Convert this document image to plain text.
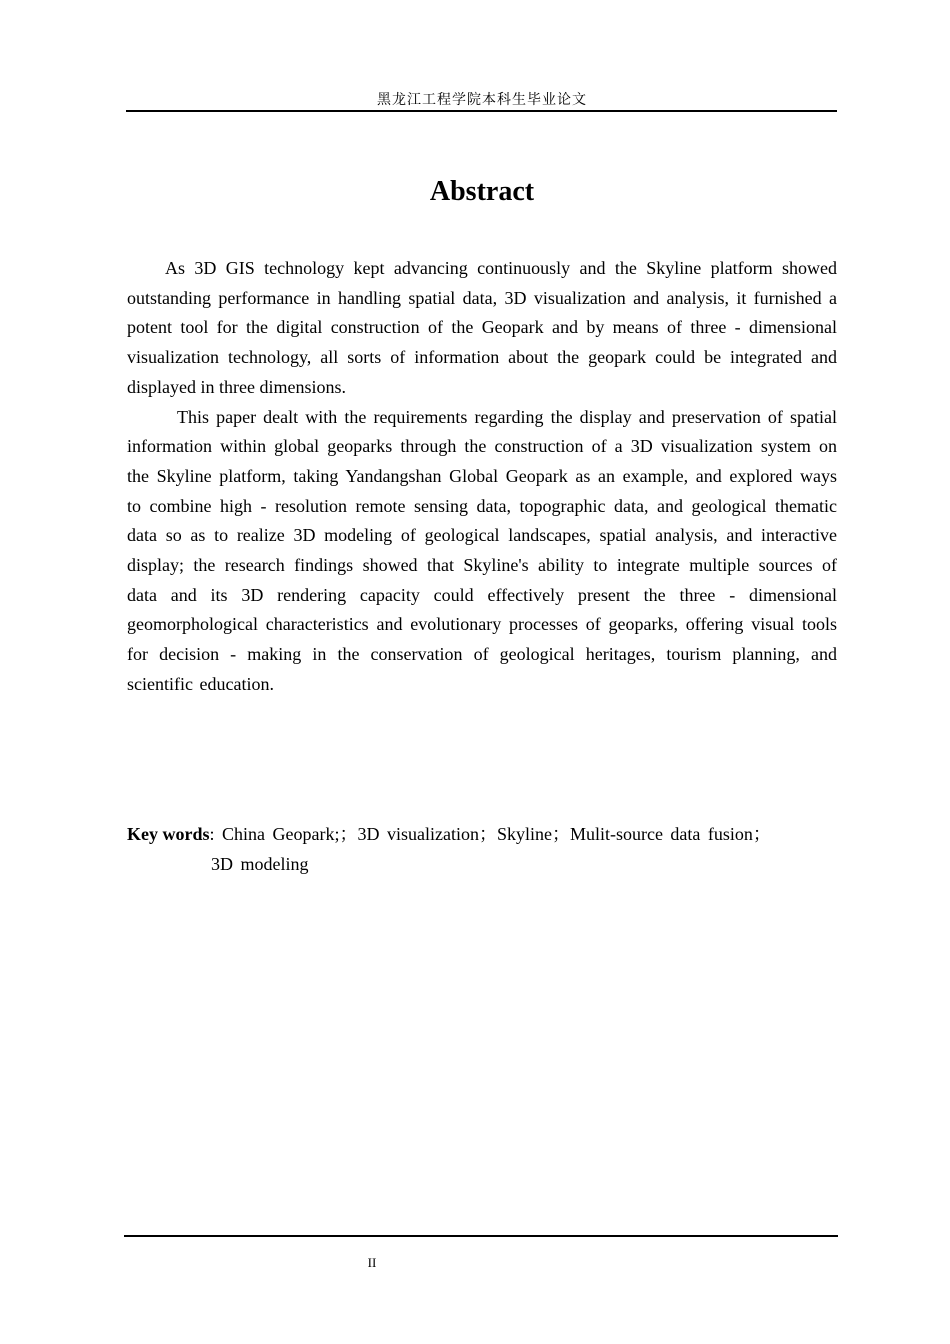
黑龙江工程学院本科生毕业论文
Abstract

As 3D GIS technology kept advancing continuously and the Skyline platform showed outstanding performance in handling spatial data, 3D visualization and analysis, it furnished a potent tool for the digital construction of the Geopark and by means of three - dimensional visualization technology, all sorts of information about the geopark could be integrated and displayed in three dimensions.

This paper dealt with the requirements regarding the display and preservation of spatial information within global geoparks through the construction of a 3D visualization system on the Skyline platform, taking Yandangshan Global Geopark as an example, and explored ways to combine high - resolution remote sensing data, topographic data, and geological thematic data so as to realize 3D modeling of geological landscapes, spatial analysis, and interactive display; the research findings showed that Skyline's ability to integrate multiple sources of data and its 3D rendering capacity could effectively present the three - dimensional geomorphological characteristics and evolutionary processes of geoparks, offering visual tools for decision - making in the conservation of geological heritages, tourism planning, and scientific education.

Key words: China Geopark;；3D visualization；Skyline；Mulit-source data fusion；
3D modeling
II
